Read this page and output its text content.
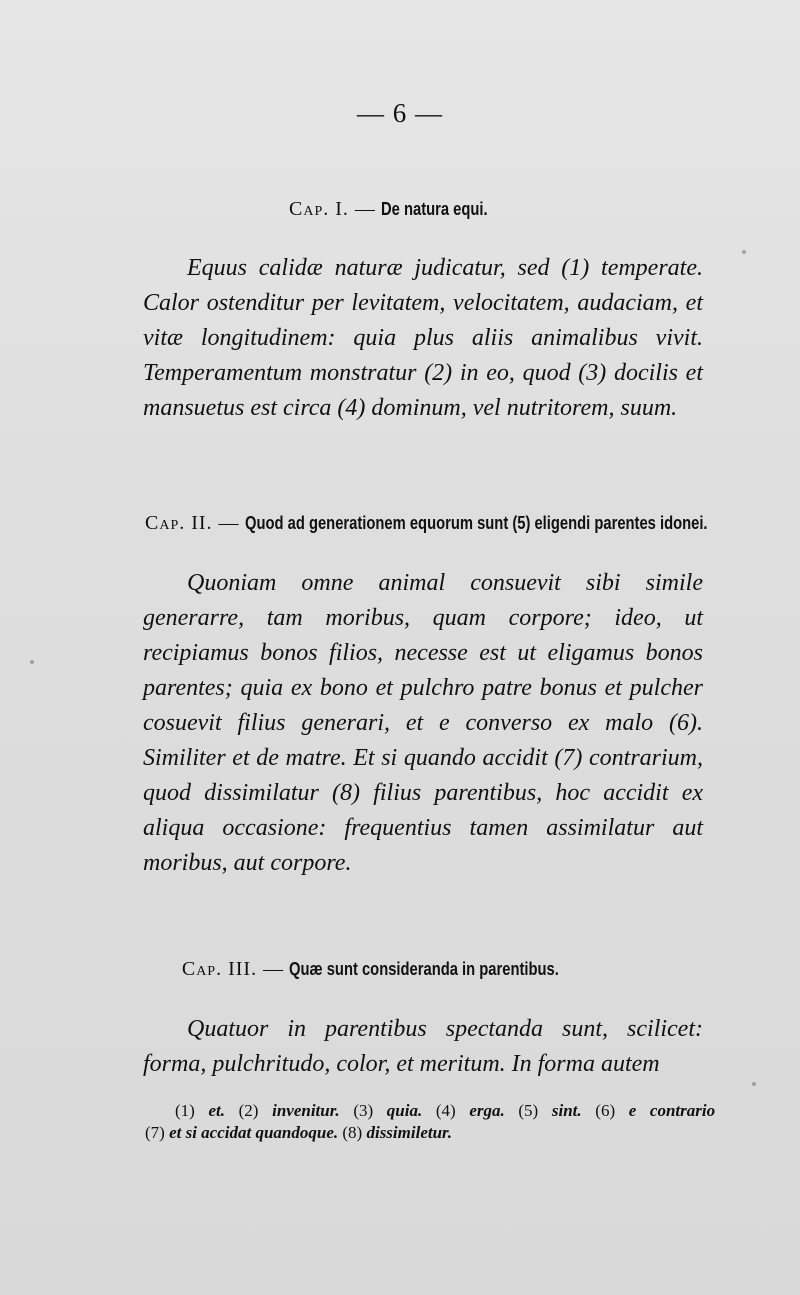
— 6 —
Cap. I. — De natura equi.
Equus calidæ naturæ judicatur, sed (1) temperate. Calor ostenditur per levitatem, velocitatem, audaciam, et vitæ longitudinem: quia plus aliis animalibus vivit. Temperamentum monstratur (2) in eo, quod (3) docilis et mansuetus est circa (4) dominum, vel nutritorem, suum.
Cap. II. — Quod ad generationem equorum sunt (5) eligendi parentes idonei.
Quoniam omne animal consuevit sibi simile generarre, tam moribus, quam corpore; ideo, ut recipiamus bonos filios, necesse est ut eligamus bonos parentes; quia ex bono et pulchro patre bonus et pulcher cosuevit filius generari, et e converso ex malo (6). Similiter et de matre. Et si quando accidit (7) contrarium, quod dissimilatur (8) filius parentibus, hoc accidit ex aliqua occasione: frequentius tamen assimilatur aut moribus, aut corpore.
Cap. III. — Quæ sunt consideranda in parentibus.
Quatuor in parentibus spectanda sunt, scilicet: forma, pulchritudo, color, et meritum. In forma autem
(1) et. (2) invenitur. (3) quia. (4) erga. (5) sint. (6) e contrario
(7) et si accidat quandoque. (8) dissimiletur.
